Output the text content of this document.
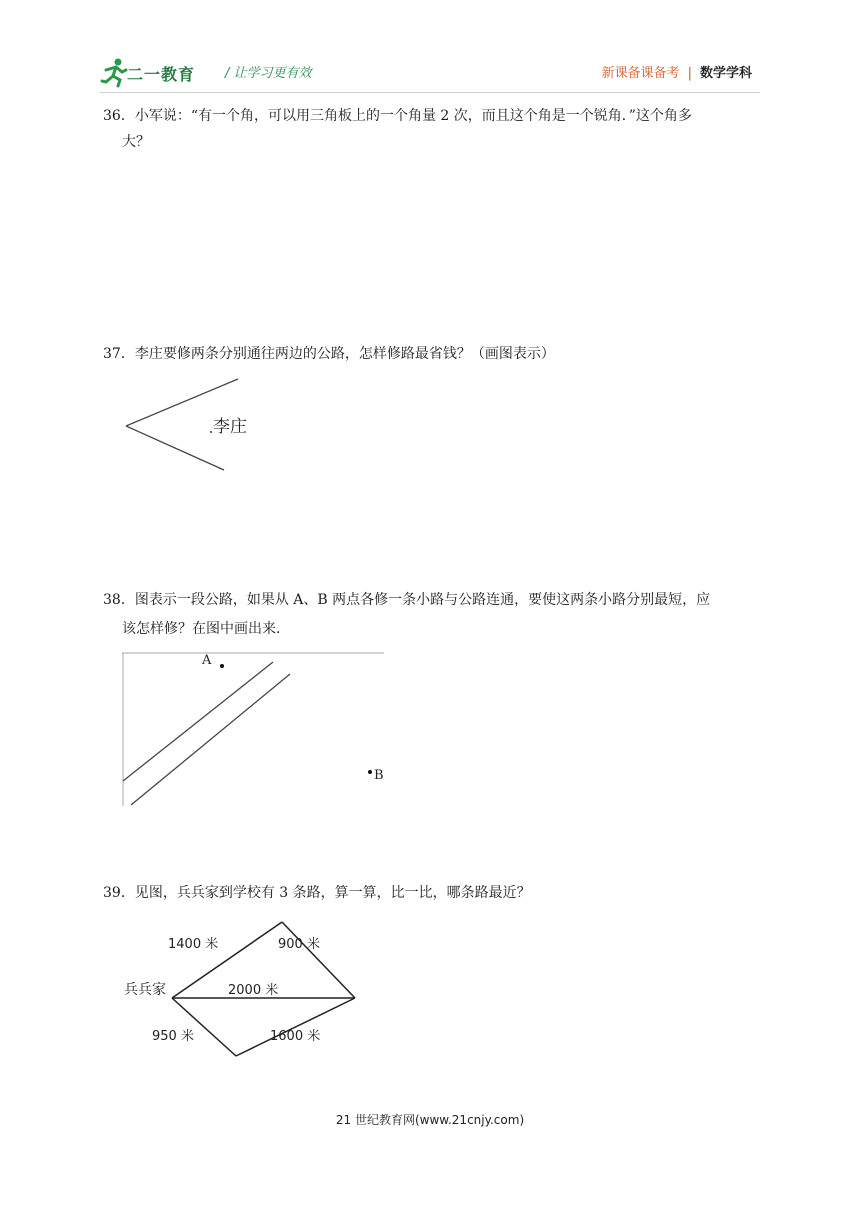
二一教育 / 让学习更有效	新课备课备考 | 数学学科
36．小军说：“有一个角，可以用三角板上的一个角量 2 次，而且这个角是一个锐角．”这个角多
大？
37．李庄要修两条分别通往两边的公路，怎样修路最省钱？（画图表示）
李庄
38．图表示一段公路，如果从 A、B 两点各修一条小路与公路连通，要使这两条小路分别最短，应
该怎样修？在图中画出来.
A
B
39．见图，兵兵家到学校有 3 条路，算一算，比一比，哪条路最近？
兵兵家
1400 米	900 米
2000 米
950 米	1600 米
21 世纪教育网(www.21cnjy.com)
